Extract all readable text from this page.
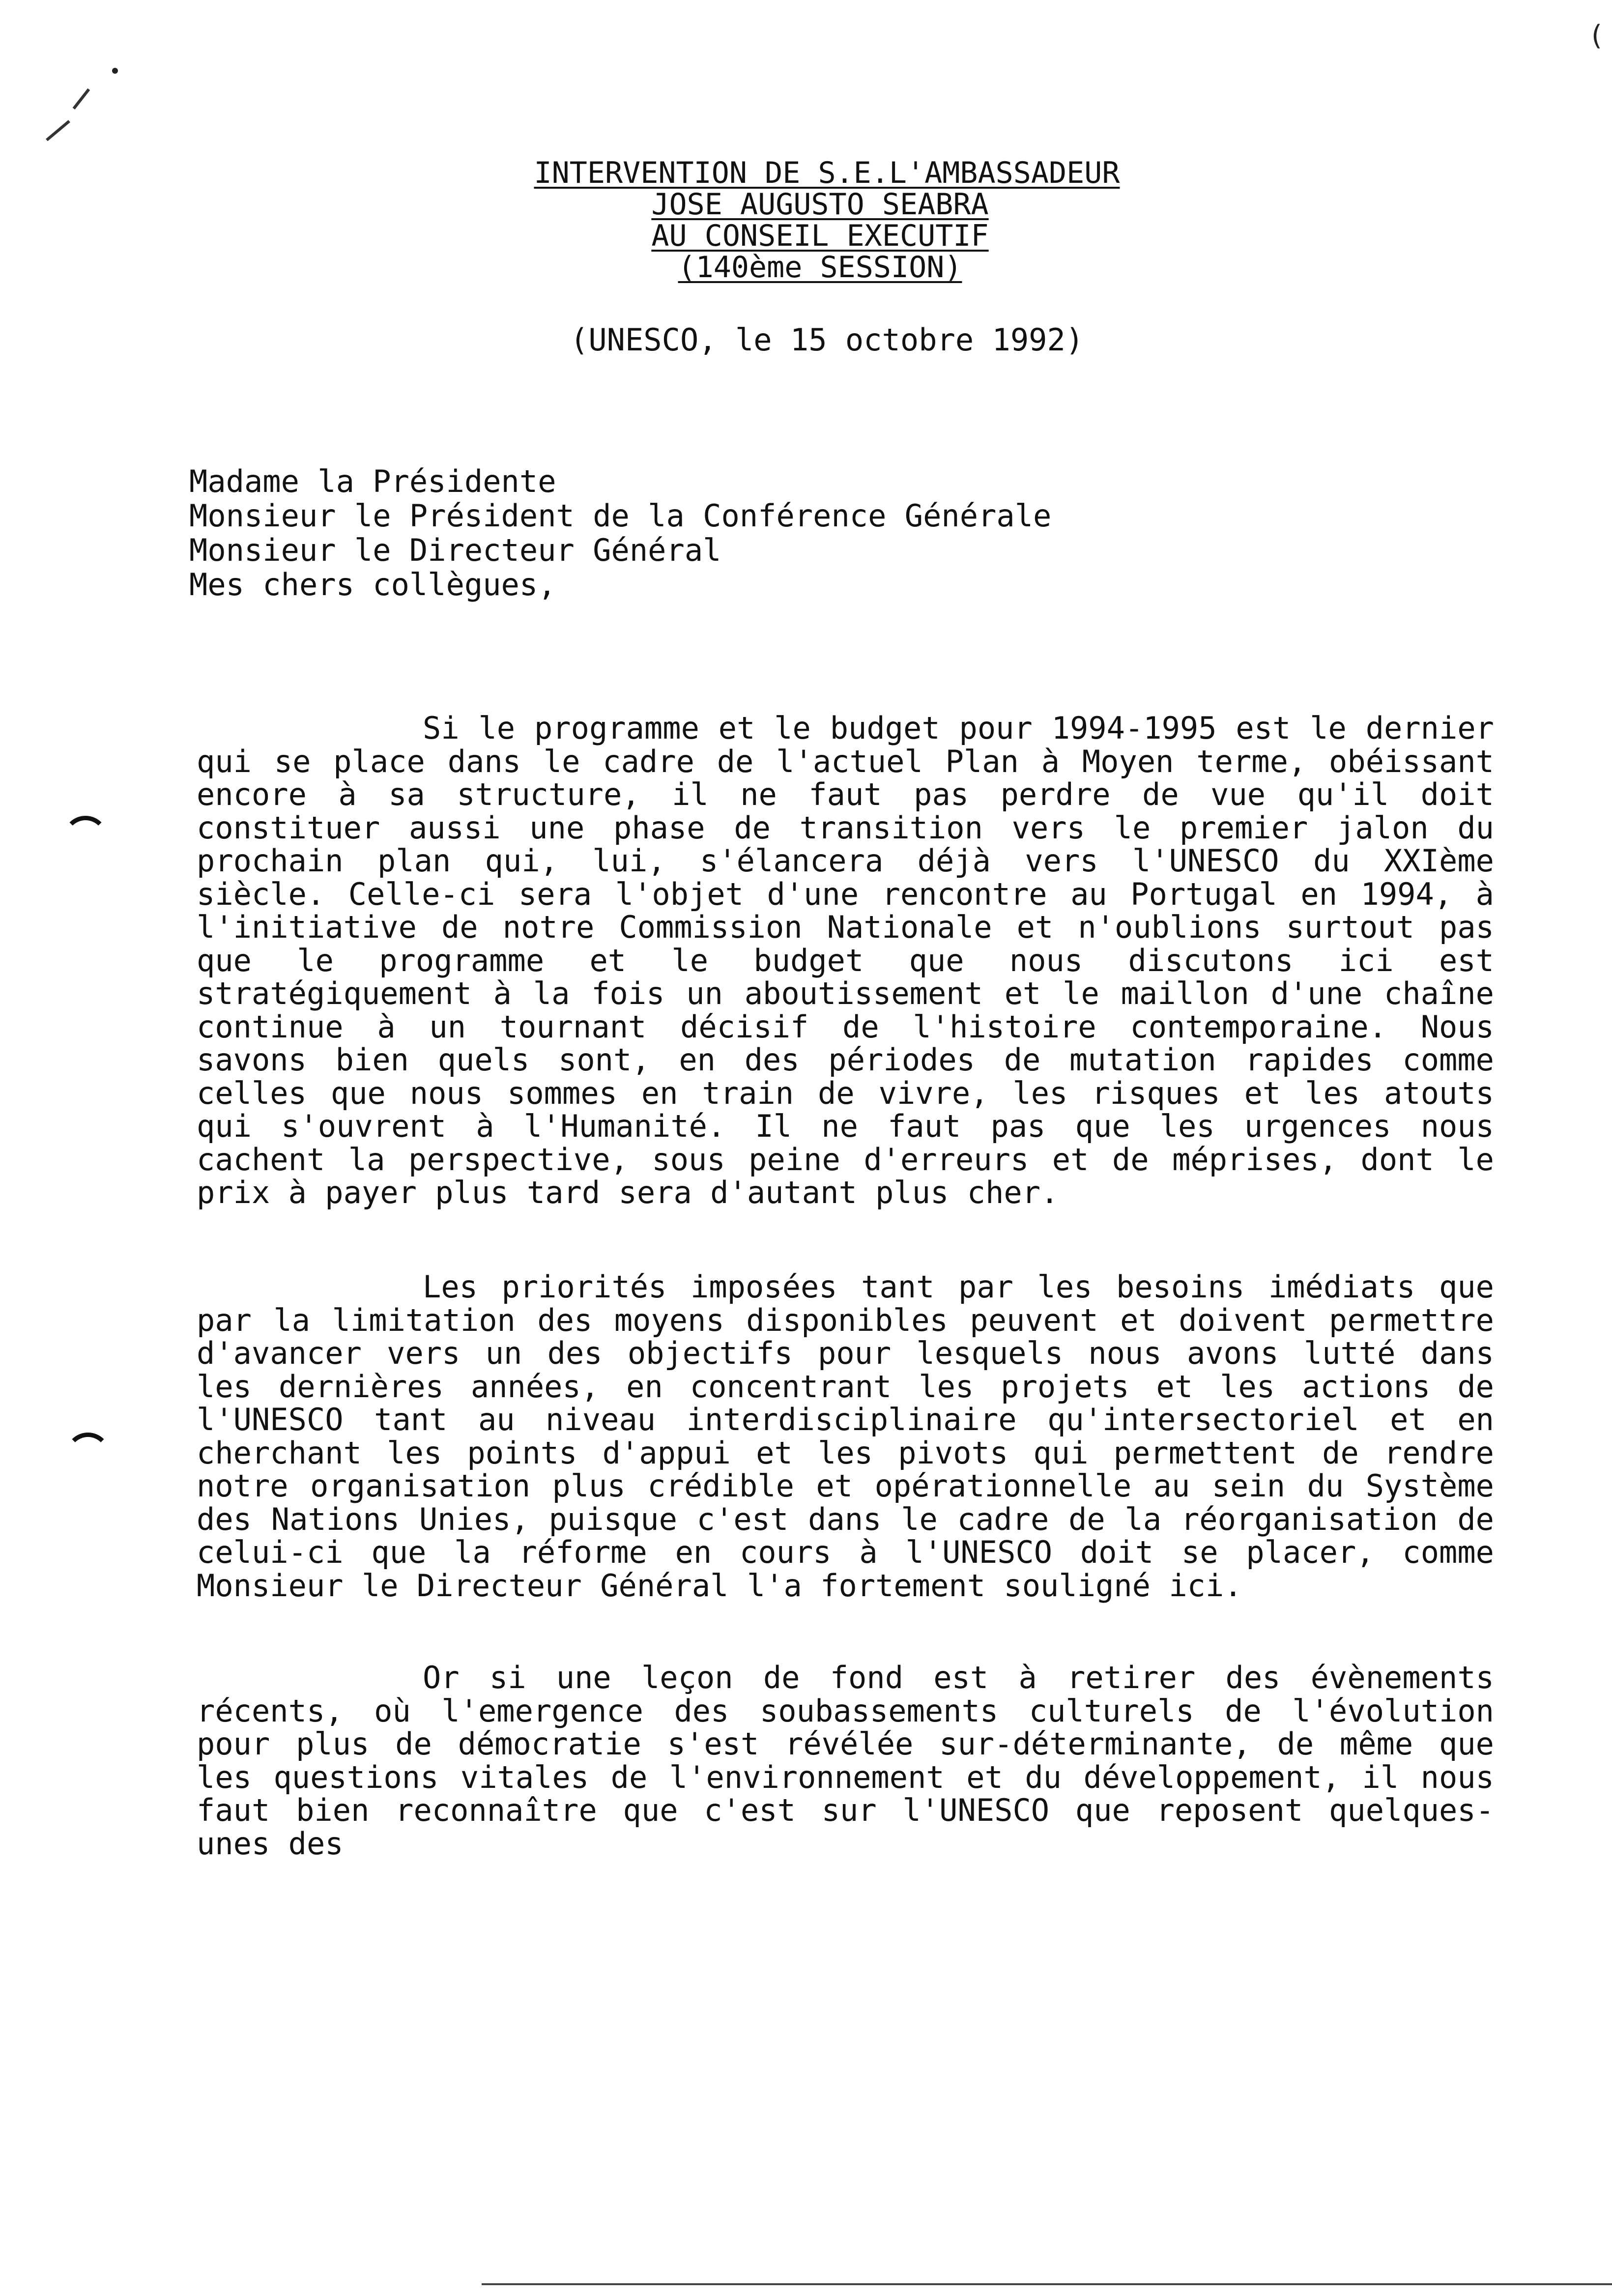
(
INTERVENTION DE S.E.L'AMBASSADEUR
JOSE AUGUSTO SEABRA
AU CONSEIL EXECUTIF
(140ème SESSION)
(UNESCO, le 15 octobre 1992)
Madame la Présidente
Monsieur le Président de la Conférence Générale
Monsieur le Directeur Général
Mes chers collègues,

Si le programme et le budget pour 1994-1995 est le dernier qui se place dans le cadre de l'actuel Plan à Moyen terme, obéissant encore à sa structure, il ne faut pas perdre de vue qu'il doit constituer aussi une phase de transition vers le premier jalon du prochain plan qui, lui, s'élancera déjà vers l'UNESCO du XXIème siècle. Celle-ci sera l'objet d'une rencontre au Portugal en 1994, à l'initiative de notre Commission Nationale et n'oublions surtout pas que le programme et le budget que nous discutons ici est stratégiquement à la fois un aboutissement et le maillon d'une chaîne continue à un tournant décisif de l'histoire contemporaine. Nous savons bien quels sont, en des périodes de mutation rapides comme celles que nous sommes en train de vivre, les risques et les atouts qui s'ouvrent à l'Humanité. Il ne faut pas que les urgences nous cachent la perspective, sous peine d'erreurs et de méprises, dont le prix à payer plus tard sera d'autant plus cher.

Les priorités imposées tant par les besoins imédiats que par la limitation des moyens disponibles peuvent et doivent permettre d'avancer vers un des objectifs pour lesquels nous avons lutté dans les dernières années, en concentrant les projets et les actions de l'UNESCO tant au niveau interdisciplinaire qu'intersectoriel et en cherchant les points d'appui et les pivots qui permettent de rendre notre organisation plus crédible et opérationnelle au sein du Système des Nations Unies, puisque c'est dans le cadre de la réorganisation de celui-ci que la réforme en cours à l'UNESCO doit se placer, comme Monsieur le Directeur Général l'a fortement souligné ici.

Or si une leçon de fond est à retirer des évènements récents, où l'emergence des soubassements culturels de l'évolution pour plus de démocratie s'est révélée sur-déterminante, de même que les questions vitales de l'environnement et du développement, il nous faut bien reconnaître que c'est sur l'UNESCO que reposent quelques-unes des
